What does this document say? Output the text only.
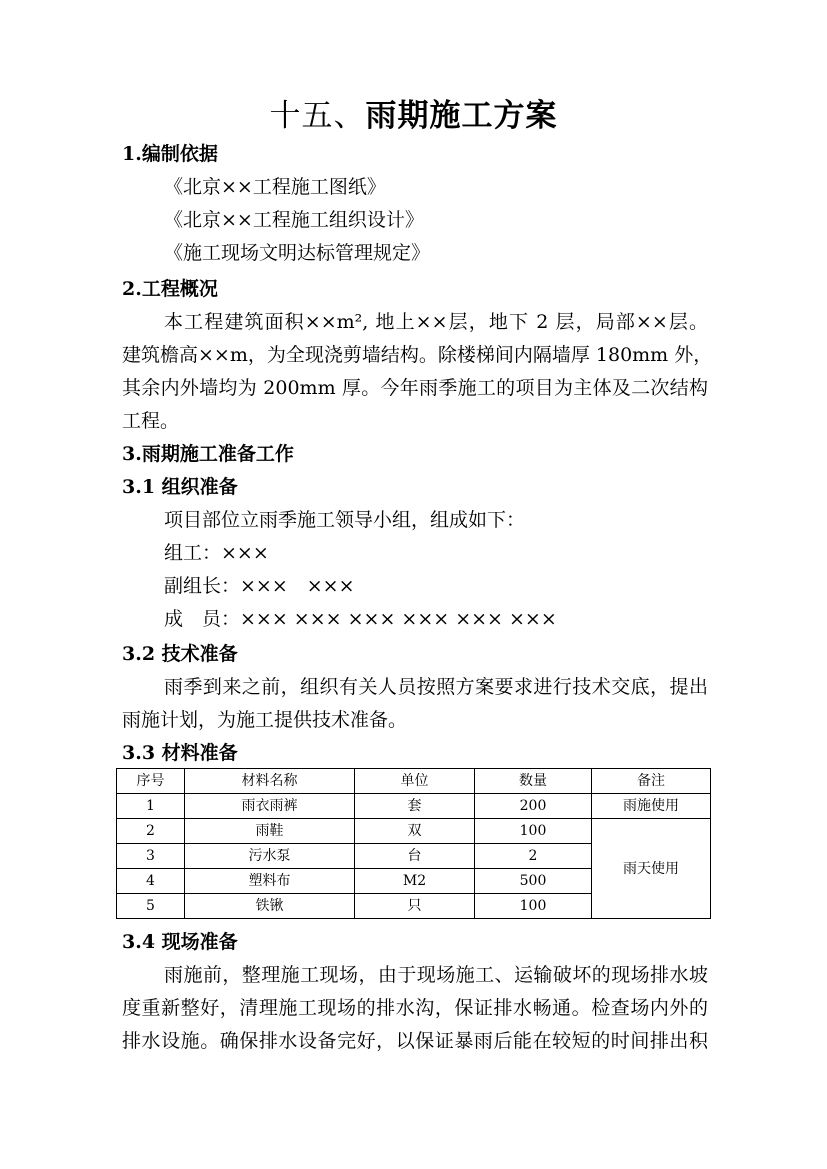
十五、雨期施工方案
1.编制依据
《北京××工程施工图纸》
《北京××工程施工组织设计》
《施工现场文明达标管理规定》
2.工程概况
本工程建筑面积××m², 地上××层，地下 2 层，局部××层。
建筑檐高××m，为全现浇剪墙结构。除楼梯间内隔墙厚 180mm 外，
其余内外墙均为 200mm 厚。今年雨季施工的项目为主体及二次结构
工程。
3.雨期施工准备工作
3.1 组织准备
项目部位立雨季施工领导小组，组成如下：
组工：×××
副组长：×××　×××
成　员：××× ××× ××× ××× ××× ×××
3.2 技术准备
雨季到来之前，组织有关人员按照方案要求进行技术交底，提出
雨施计划，为施工提供技术准备。
3.3 材料准备
序号	材料名称	单位	数量	备注
1	雨衣雨裤	套	200	雨施使用
2	雨鞋	双	100	雨天使用
3	污水泵	台	2	
4	塑料布	M2	500	
5	铁锹	只	100	
3.4 现场准备
雨施前，整理施工现场，由于现场施工、运输破坏的现场排水坡
度重新整好，清理施工现场的排水沟，保证排水畅通。检查场内外的
排水设施。确保排水设备完好，以保证暴雨后能在较短的时间排出积
